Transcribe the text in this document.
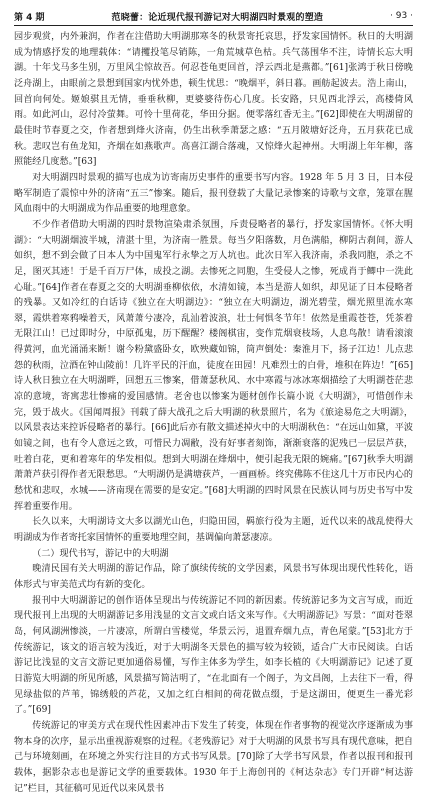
第 4 期	范晓蕾：论近现代报刊游记对大明湖四时景观的塑造	· 93 ·

园步观赏，内外兼润，作者在注借助大明湖那寒冬的秋景寄托哀思，抒发家国情怀。秋日的大明湖成为情感抒发的地理载体：“请攫投笔尽销陈，一角荒城草色枯。兵气荡围华不注，诗情长忘大明湖。十年戈马多生别，万里风尘惊故吾。何忍苍龟更回首，浮云西北是燕都。”[61]张鸿于秋日傍晚泛舟湖上，由眼前之景想到国家内忧外患，顿生忧思：“晚烟平，斜日暮。画舫起波去。浩上南山，回首向何处。姬娘骐且无情，垂垂秋柳，更婆婆待伤心几度。长安路，只见西北浮云，高楼倚风雨。如此河山，忍付冷萤舞。可怜十里荷花，华田分据。便零落红香无主。”[62]即使在大明湖留的最佳时节春夏之交，作者想到烽火济南，仍生出秋季萧瑟之感：“五月陂塘好泛舟，五月荻花已成秋。悲叹岂有鱼龙知，齐烟在如燕歌声。高喜江湖合落魂，又惊烽火起神州。大明湖上年年柳，落照能经几度愁。”[63]

对大明湖四时景观的描写也成为访寄南历史事件的重要书写内容。1928 年 5 月 3 日，日本侵略军制造了震惊中外的济南“五三”惨案。随后，报刊登载了大量记录惨案的诗歌与文章，笼罩在腥风血雨中的大明湖成为作品重要的地理意象。

不少作者借助大明湖的四时景物渲染肃杀氛围，斥责侵略者的暴行，抒发家国情怀。《怀大明湖》：“大明湖烟波半城，清湛十里，为济南一胜景。每当夕阳落数，月色满船，柳阴古刹间，游人如织，想不到会做了日本人为中国鬼军行永挚之万人坑也。此次日军入我济南，杀我同胞，杀之不足，图灭其迹！于是千百万尸体，成投之湖。去惨死之同胞，生受侵人之惨，死成肖于鲫中一洗此心耻。”[64]作者在春夏之交的大明湖垂柳依依，水清如镜，本当是游人如织，却见证了日本侵略者的残暴。又如冷红的白话诗《独立在大明湖边》：“独立在大明湖边，湖光碧莹，烟光照里流水寒翠，霞烘着寒鸦噪着天，风萧萧兮凄冷，乱汕着波浪，壮士何惧冬节年！依然是重霞苍苍，凭茶着无限江山！已过即时分，中原孤鬼，历下醒醒？楼阁棋宙，变作荒烟衰枝场，人息鸟散！请看滚滚得黄河，血光涌涌来断！谢今粉黛盛卧女，欧殃藏如锦，筒声倒处：秦淮月下，扬子江边！儿点悲怨的秋雨，泣酒在钟山陵前！几许平民的汗血，徒度在田园！凡难烈士的白骨，堆积在阵边！”[65]诗人秋日独立在大明湖畔，回想五三惨案，借萧瑟秋风、水中寒霞与冰冰寒烟描绘了大明湖苍茫悲凉的意境，寄寓悲壮惨痛的爱国感情。老舍也以惨案为题材创作长篇小说《大明湖》，可惜创作未完，毁于战火。《国闻周报》刊载了薛大战孔之后大明湖的秋景照片，名为《旅途易危之大明湖》，以风景表达来控诉侵略者的暴行。[66]此后亦有散文描述掉火中的大明湖秋色：“在远山如黛，平波如镜之间，也有令人意远之致，可惜民力凋敝，没有好事者刻饰，渐渐衰落的泥残已一层层芦获，吐着白花，更和着寒年的华发相似。想到大明湖在烽烟中，便引起我无限的婉痛。”[67]秋季大明湖萧萧芦获引得作者无限愁思。“大明湖仍是满塘荻芦，一画画桥。终究佛陈不住这几十万市民内心的愁忧和悲叹，水城——济南现在需要的是安定。”[68]大明湖的四时风景在民族认同与历史书写中发挥着重要作用。

长久以来，大明湖诗文大多以湖光山色，归隐田园，羁旅行役为主题，近代以来的战乱使得大明湖成为作者寄托家国情怀的重要地理空间，基调偏向萧瑟凄凉。

（二）现代书写，游记中的大明湖

晚清民国有关大明湖的游记作品，除了旗续传统的文学因素，风景书写体现出现代性转化，语体形式与审美范式均有新的变化。

报刊中大明湖游记的创作语体呈现出与传统游记不同的新因素。传统游记多为文言写成，而近现代报刊上出现的大明湖游记多用浅显的文言文或白话文来写作。《大明湖游记》写景：“面对苍翠岛，何风湖洲惨淡，一片凄凉，所谓白雪楼觉，华景云污，退置弃烟九点，青色尾蒙。”[53]北方于传统游记，该文的语言较为浅近，对于大明湖冬天景色的描写较为较锁，适合广大市民阅读。白话游记比浅显的文言文游记更加通俗易懂，写作主体多为学生，如李长植的《大明湖游记》记述了夏日游览大明湖的所见所感，风景描写简洁明了，“在北面有一个阁子，为文昌阁，上去往下一看，得见绿盐似的芦苇，锦绣般的芦花，又加之红白相间的荷花做点缀，于是这湖田，便更生一番光彩了。”[69]

传统游记的审美方式在现代性因素冲击下发生了转变，体现在作者事物的视觉次序逐渐成为事物本身的次序，显示出重视游观察的过程。《老残游记》对于大明湖的风景书写具有现代意味，把自己与环境刻画，在环境之外实行注目的方式书写风景。[70]除了大学书写风景，作者以报刊和报刊载体，据影杂志也是游记文学的重要载体。1930 年于上海创刊的《柯达杂志》专门开辟“柯达游记”栏目，其征稿可见近代以来风景书
